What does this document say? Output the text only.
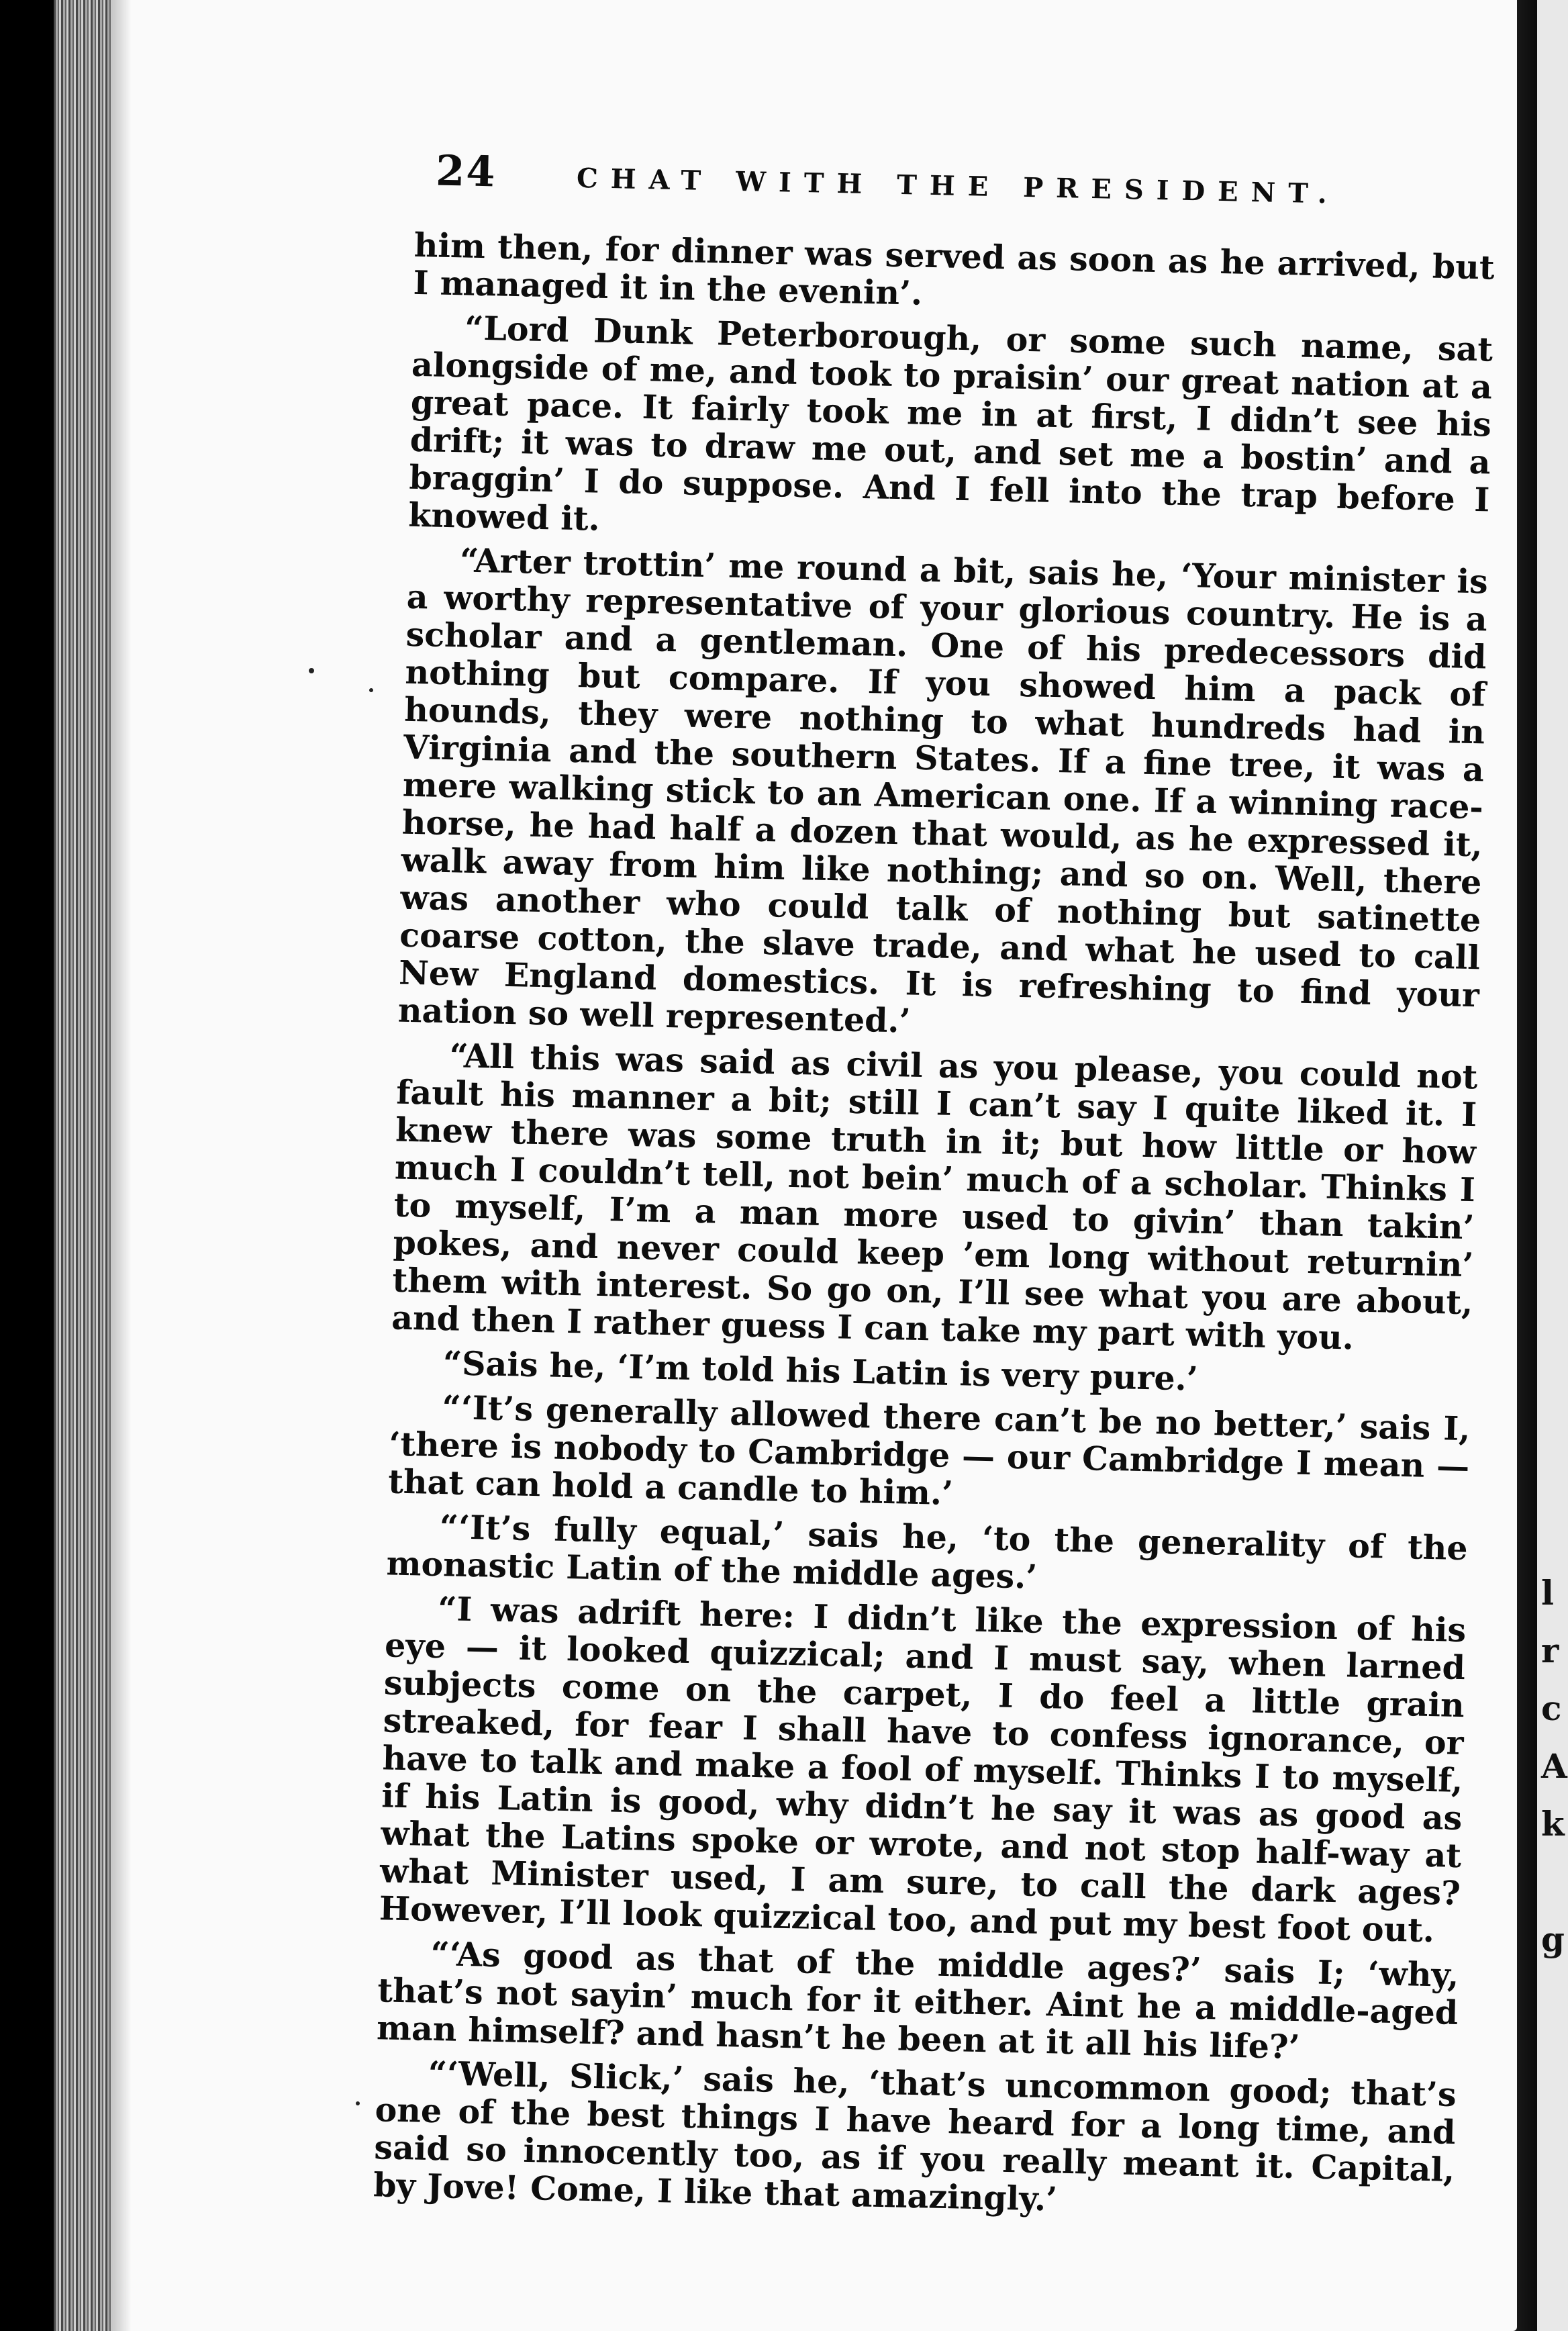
l
r
c
A
k

g
24	CHAT WITH THE PRESIDENT.

him then, for dinner was served as soon as he arrived, but I managed it in the evenin’.

“Lord Dunk Peterborough, or some such name, sat alongside of me, and took to praisin’ our great nation at a great pace. It fairly took me in at first, I didn’t see his drift; it was to draw me out, and set me a bostin’ and a braggin’ I do suppose. And I fell into the trap before I knowed it.

“Arter trottin’ me round a bit, sais he, ‘Your minister is a worthy representative of your glorious country. He is a scholar and a gentleman. One of his predecessors did nothing but compare. If you showed him a pack of hounds, they were nothing to what hundreds had in Virginia and the southern States. If a fine tree, it was a mere walking stick to an American one. If a winning race-horse, he had half a dozen that would, as he expressed it, walk away from him like nothing; and so on. Well, there was another who could talk of nothing but satinette coarse cotton, the slave trade, and what he used to call New England domestics. It is refreshing to find your nation so well represented.’

“All this was said as civil as you please, you could not fault his manner a bit; still I can’t say I quite liked it. I knew there was some truth in it; but how little or how much I couldn’t tell, not bein’ much of a scholar. Thinks I to myself, I’m a man more used to givin’ than takin’ pokes, and never could keep ’em long without returnin’ them with interest. So go on, I’ll see what you are about, and then I rather guess I can take my part with you.

“Sais he, ‘I’m told his Latin is very pure.’

“‘It’s generally allowed there can’t be no better,’ sais I, ‘there is nobody to Cambridge — our Cambridge I mean — that can hold a candle to him.’

“‘It’s fully equal,’ sais he, ‘to the generality of the monastic Latin of the middle ages.’

“I was adrift here: I didn’t like the expression of his eye — it looked quizzical; and I must say, when larned subjects come on the carpet, I do feel a little grain streaked, for fear I shall have to confess ignorance, or have to talk and make a fool of myself. Thinks I to myself, if his Latin is good, why didn’t he say it was as good as what the Latins spoke or wrote, and not stop half-way at what Minister used, I am sure, to call the dark ages? However, I’ll look quizzical too, and put my best foot out.

“‘As good as that of the middle ages?’ sais I; ‘why, that’s not sayin’ much for it either. Aint he a middle-aged man himself? and hasn’t he been at it all his life?’

“‘Well, Slick,’ sais he, ‘that’s uncommon good; that’s one of the best things I have heard for a long time, and said so innocently too, as if you really meant it. Capital, by Jove! Come, I like that amazingly.’
